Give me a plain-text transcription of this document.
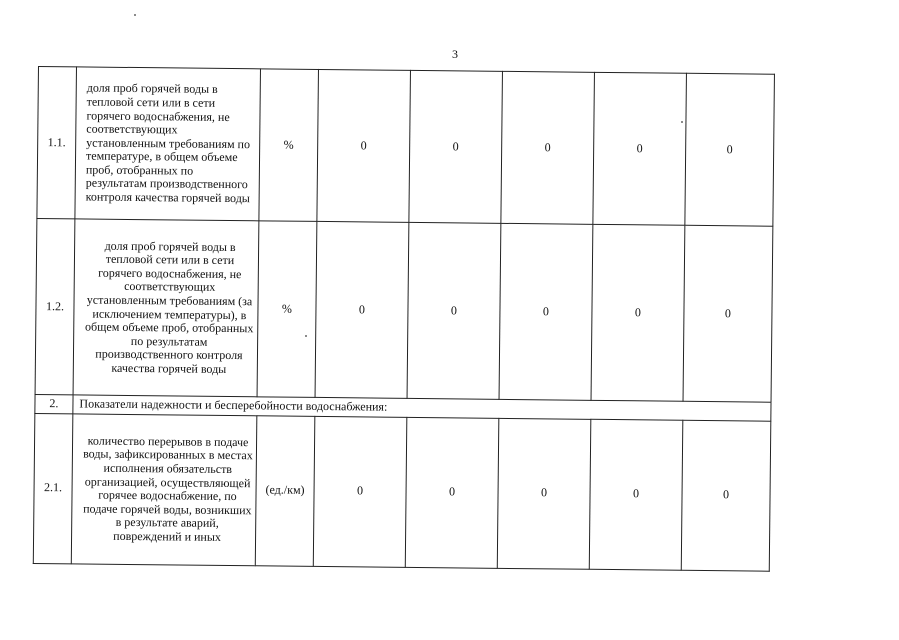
3
1.1.	доля проб горячей воды в тепловой сети или в сети горячего водоснабжения, не соответствующих установленным требованиям по температуре, в общем объеме проб, отобранных по результатам производственного контроля качества горячей воды	%	0	0	0	0	0
1.2.	доля проб горячей воды в тепловой сети или в сети горячего водоснабжения, не соответствующих установленным требованиям (за исключением температуры), в общем объеме проб, отобранных по результатам производственного контроля качества горячей воды	%	0	0	0	0	0
2.	Показатели надежности и бесперебойности водоснабжения:						
2.1.	количество перерывов в подаче воды, зафиксированных в местах исполнения обязательств организацией, осуществляющей горячее водоснабжение, по подаче горячей воды, возникших в результате аварий, повреждений и иных	(ед./км)	0	0	0	0	0
